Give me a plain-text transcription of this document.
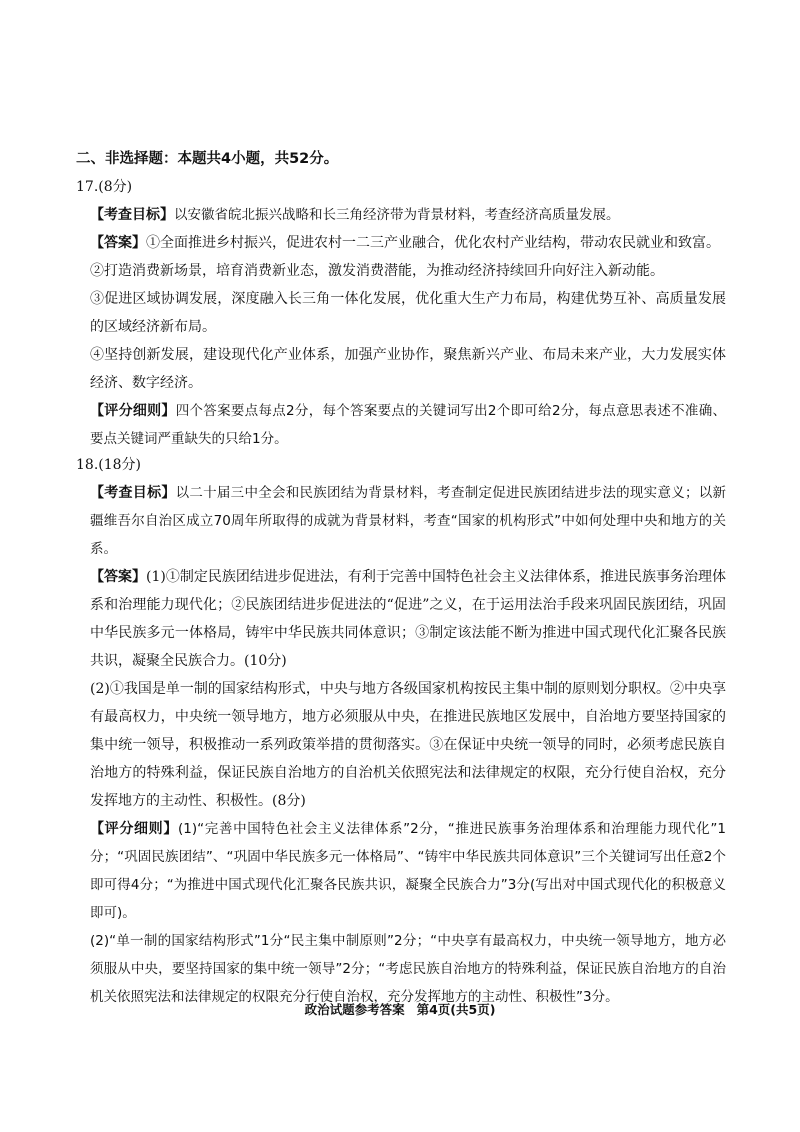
二、非选择题：本题共4小题，共52分。
17.(8分)
【考查目标】以安徽省皖北振兴战略和长三角经济带为背景材料，考查经济高质量发展。
【答案】①全面推进乡村振兴，促进农村一二三产业融合，优化农村产业结构，带动农民就业和致富。
②打造消费新场景，培育消费新业态，激发消费潜能，为推动经济持续回升向好注入新动能。
③促进区域协调发展，深度融入长三角一体化发展，优化重大生产力布局，构建优势互补、高质量发展的区域经济新布局。
④坚持创新发展，建设现代化产业体系，加强产业协作，聚焦新兴产业、布局未来产业，大力发展实体经济、数字经济。
【评分细则】四个答案要点每点2分，每个答案要点的关键词写出2个即可给2分，每点意思表述不准确、要点关键词严重缺失的只给1分。
18.(18分)
【考查目标】以二十届三中全会和民族团结为背景材料，考查制定促进民族团结进步法的现实意义；以新疆维吾尔自治区成立70周年所取得的成就为背景材料，考查“国家的机构形式”中如何处理中央和地方的关系。
【答案】(1)①制定民族团结进步促进法，有利于完善中国特色社会主义法律体系，推进民族事务治理体系和治理能力现代化；②民族团结进步促进法的“促进”之义，在于运用法治手段来巩固民族团结，巩固中华民族多元一体格局，铸牢中华民族共同体意识；③制定该法能不断为推进中国式现代化汇聚各民族共识，凝聚全民族合力。(10分)
(2)①我国是单一制的国家结构形式，中央与地方各级国家机构按民主集中制的原则划分职权。②中央享有最高权力，中央统一领导地方，地方必须服从中央，在推进民族地区发展中，自治地方要坚持国家的集中统一领导，积极推动一系列政策举措的贯彻落实。③在保证中央统一领导的同时，必须考虑民族自治地方的特殊利益，保证民族自治地方的自治机关依照宪法和法律规定的权限，充分行使自治权，充分发挥地方的主动性、积极性。(8分)
【评分细则】(1)“完善中国特色社会主义法律体系”2分，“推进民族事务治理体系和治理能力现代化”1分；“巩固民族团结”、“巩固中华民族多元一体格局”、“铸牢中华民族共同体意识”三个关键词写出任意2个即可得4分；“为推进中国式现代化汇聚各民族共识，凝聚全民族合力”3分(写出对中国式现代化的积极意义即可)。
(2)“单一制的国家结构形式”1分“民主集中制原则”2分；“中央享有最高权力，中央统一领导地方，地方必须服从中央，要坚持国家的集中统一领导”2分；“考虑民族自治地方的特殊利益，保证民族自治地方的自治机关依照宪法和法律规定的权限充分行使自治权，充分发挥地方的主动性、积极性”3分。
政治试题参考答案 第4页(共5页)
